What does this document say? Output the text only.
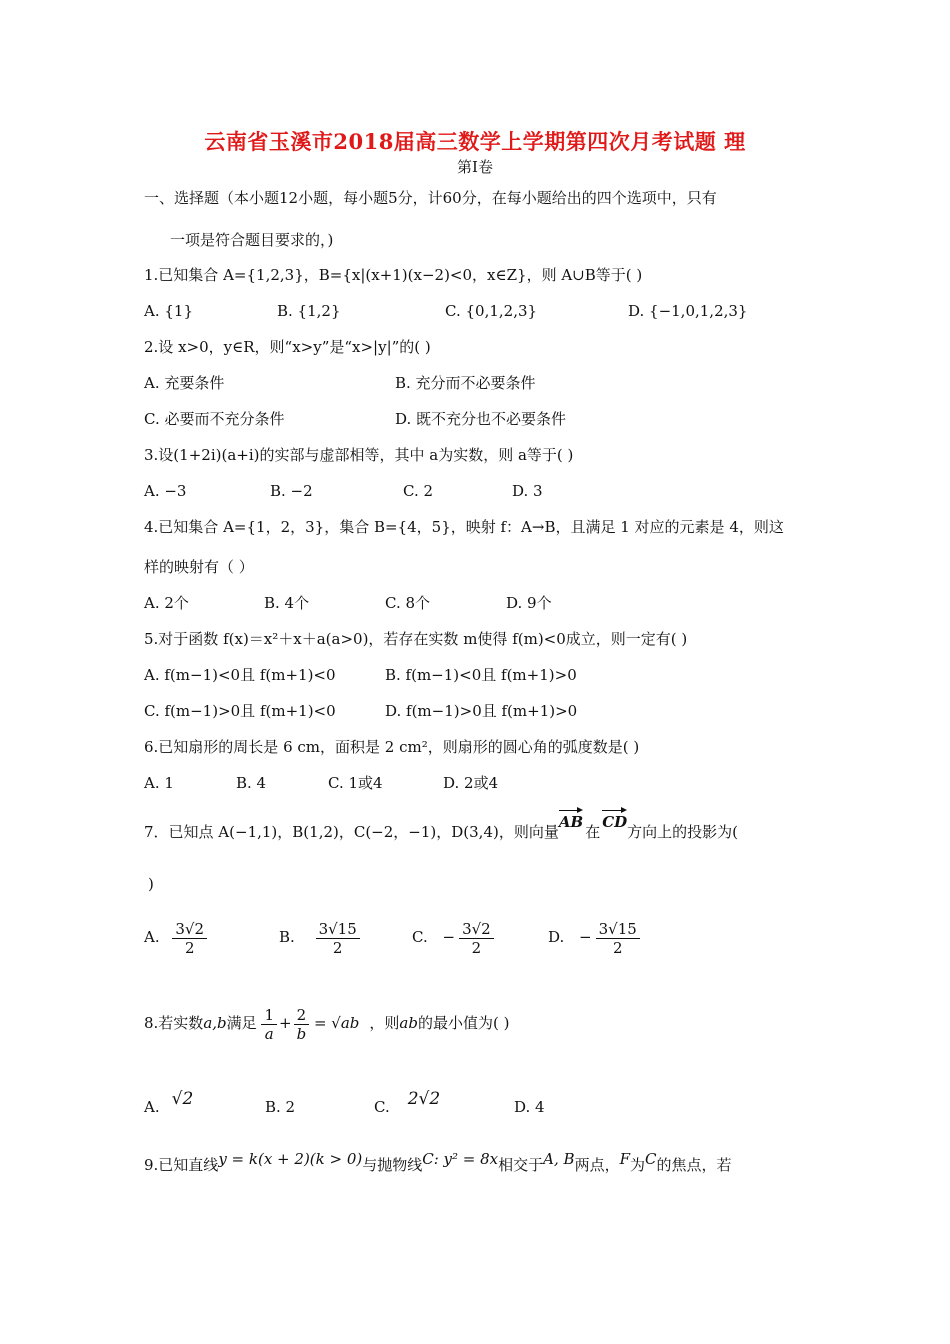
云南省玉溪市2018届高三数学上学期第四次月考试题 理
第Ⅰ卷
一、选择题（本小题12小题，每小题5分，计60分，在每小题给出的四个选项中，只有
一项是符合题目要求的，)
1.已知集合 A={1,2,3}，B={x|(x+1)(x−2)<0，x∈Z}，则 A∪B等于( )
A. {1}	B. {1,2}	C. {0,1,2,3}	D. {−1,0,1,2,3}
2.设 x>0，y∈R，则“x>y”是“x>|y|”的( )
A. 充要条件	B. 充分而不必要条件
C. 必要而不充分条件	D. 既不充分也不必要条件
3.设(1+2i)(a+i)的实部与虚部相等，其中 a为实数，则 a等于( )
A. −3	B. −2	C. 2	D. 3
4.已知集合 A={1，2，3}，集合 B={4，5}，映射 f：A→B，且满足 1 对应的元素是 4，则这
样的映射有（ ）
A. 2个	B. 4个	C. 8个	D. 9个
5.对于函数 f(x)＝x²＋x＋a(a>0)，若存在实数 m使得 f(m)<0成立，则一定有( )
A. f(m−1)<0且 f(m+1)<0	B. f(m−1)<0且 f(m+1)>0
C. f(m−1)>0且 f(m+1)<0	D. f(m−1)>0且 f(m+1)>0
6.已知扇形的周长是 6 cm，面积是 2 cm²，则扇形的圆心角的弧度数是( )
A. 1	B. 4	C. 1或4	D. 2或4
7．已知点 A(−1,1)，B(1,2)，C(−2，−1)，D(3,4)，则向量AB在CD方向上的投影为(
)
A. $\frac{3√2}{2}$	B. $\frac{3√15}{2}$	C. − $\frac{3√2}{2}$	D. − $\frac{3√15}{2}$
8.若实数a,b满足 $\frac{1}{a} + \frac{2}{b} = √ab$ ，则ab的最小值为( )
A. √2	B. 2	C. 2√2	D. 4
9.已知直线y = k(x + 2)(k > 0)与抛物线C: y² = 8x相交于A, B两点，F为C的焦点，若
